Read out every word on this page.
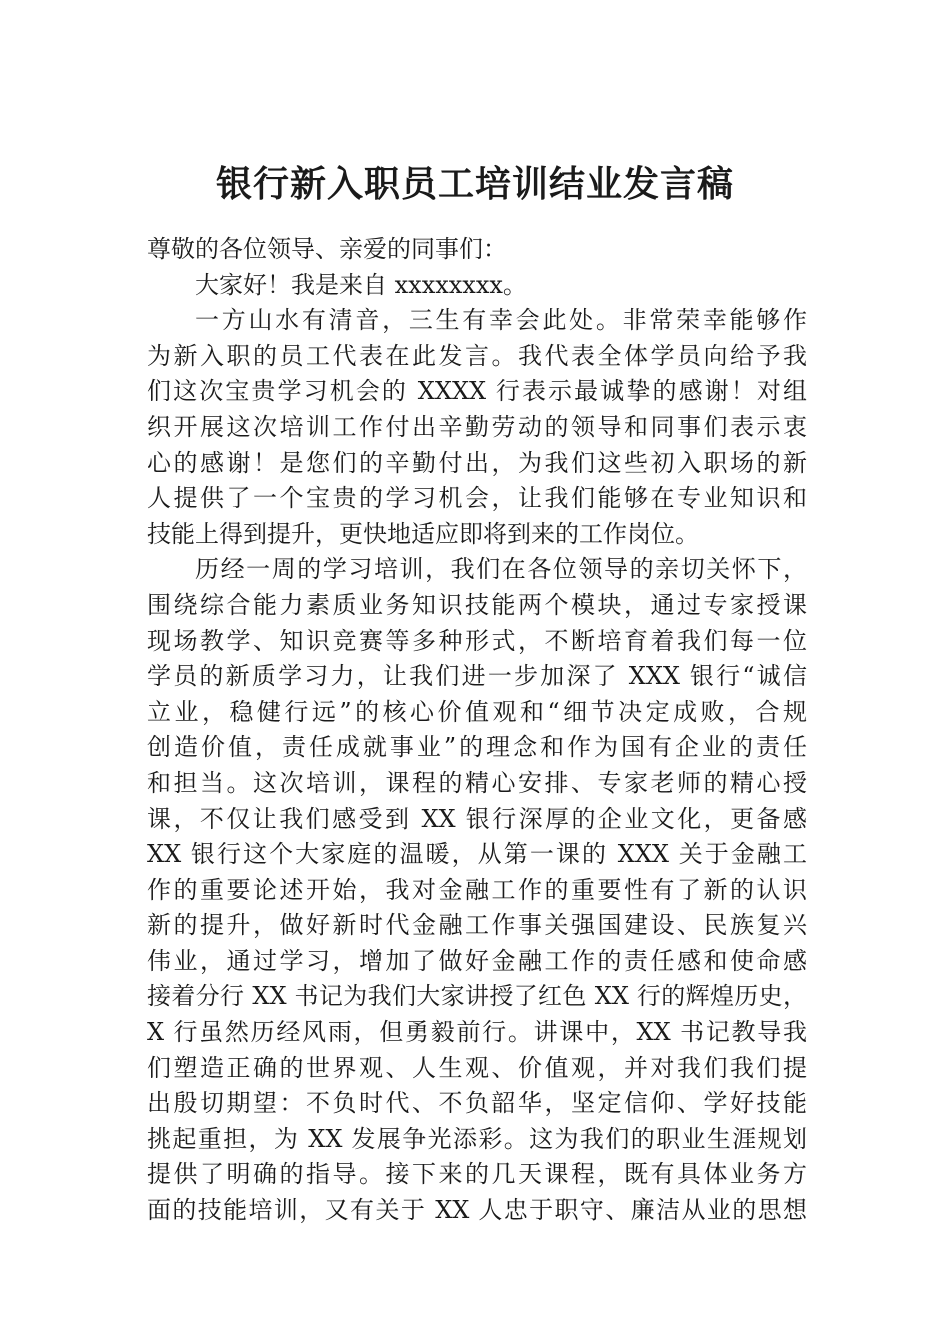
银行新入职员工培训结业发言稿
尊敬的各位领导、亲爱的同事们：
大家好！我是来自 xxxxxxxx。
一方山水有清音，三生有幸会此处。非常荣幸能够作
为新入职的员工代表在此发言。我代表全体学员向给予我
们这次宝贵学习机会的 XXXX 行表示最诚挚的感谢！对组
织开展这次培训工作付出辛勤劳动的领导和同事们表示衷
心的感谢！是您们的辛勤付出，为我们这些初入职场的新
人提供了一个宝贵的学习机会，让我们能够在专业知识和
技能上得到提升，更快地适应即将到来的工作岗位。
历经一周的学习培训，我们在各位领导的亲切关怀下，
围绕综合能力素质业务知识技能两个模块，通过专家授课
现场教学、知识竞赛等多种形式，不断培育着我们每一位
学员的新质学习力，让我们进一步加深了 XXX 银行“诚信
立业，稳健行远”的核心价值观和“细节决定成败，合规
创造价值，责任成就事业”的理念和作为国有企业的责任
和担当。这次培训，课程的精心安排、专家老师的精心授
课，不仅让我们感受到 XX 银行深厚的企业文化，更备感
XX 银行这个大家庭的温暖，从第一课的 XXX 关于金融工
作的重要论述开始，我对金融工作的重要性有了新的认识
新的提升，做好新时代金融工作事关强国建设、民族复兴
伟业，通过学习，增加了做好金融工作的责任感和使命感
接着分行 XX 书记为我们大家讲授了红色 XX 行的辉煌历史，
X 行虽然历经风雨，但勇毅前行。讲课中，XX 书记教导我
们塑造正确的世界观、人生观、价值观，并对我们我们提
出殷切期望：不负时代、不负韶华，坚定信仰、学好技能
挑起重担，为 XX 发展争光添彩。这为我们的职业生涯规划
提供了明确的指导。接下来的几天课程，既有具体业务方
面的技能培训，又有关于 XX 人忠于职守、廉洁从业的思想
